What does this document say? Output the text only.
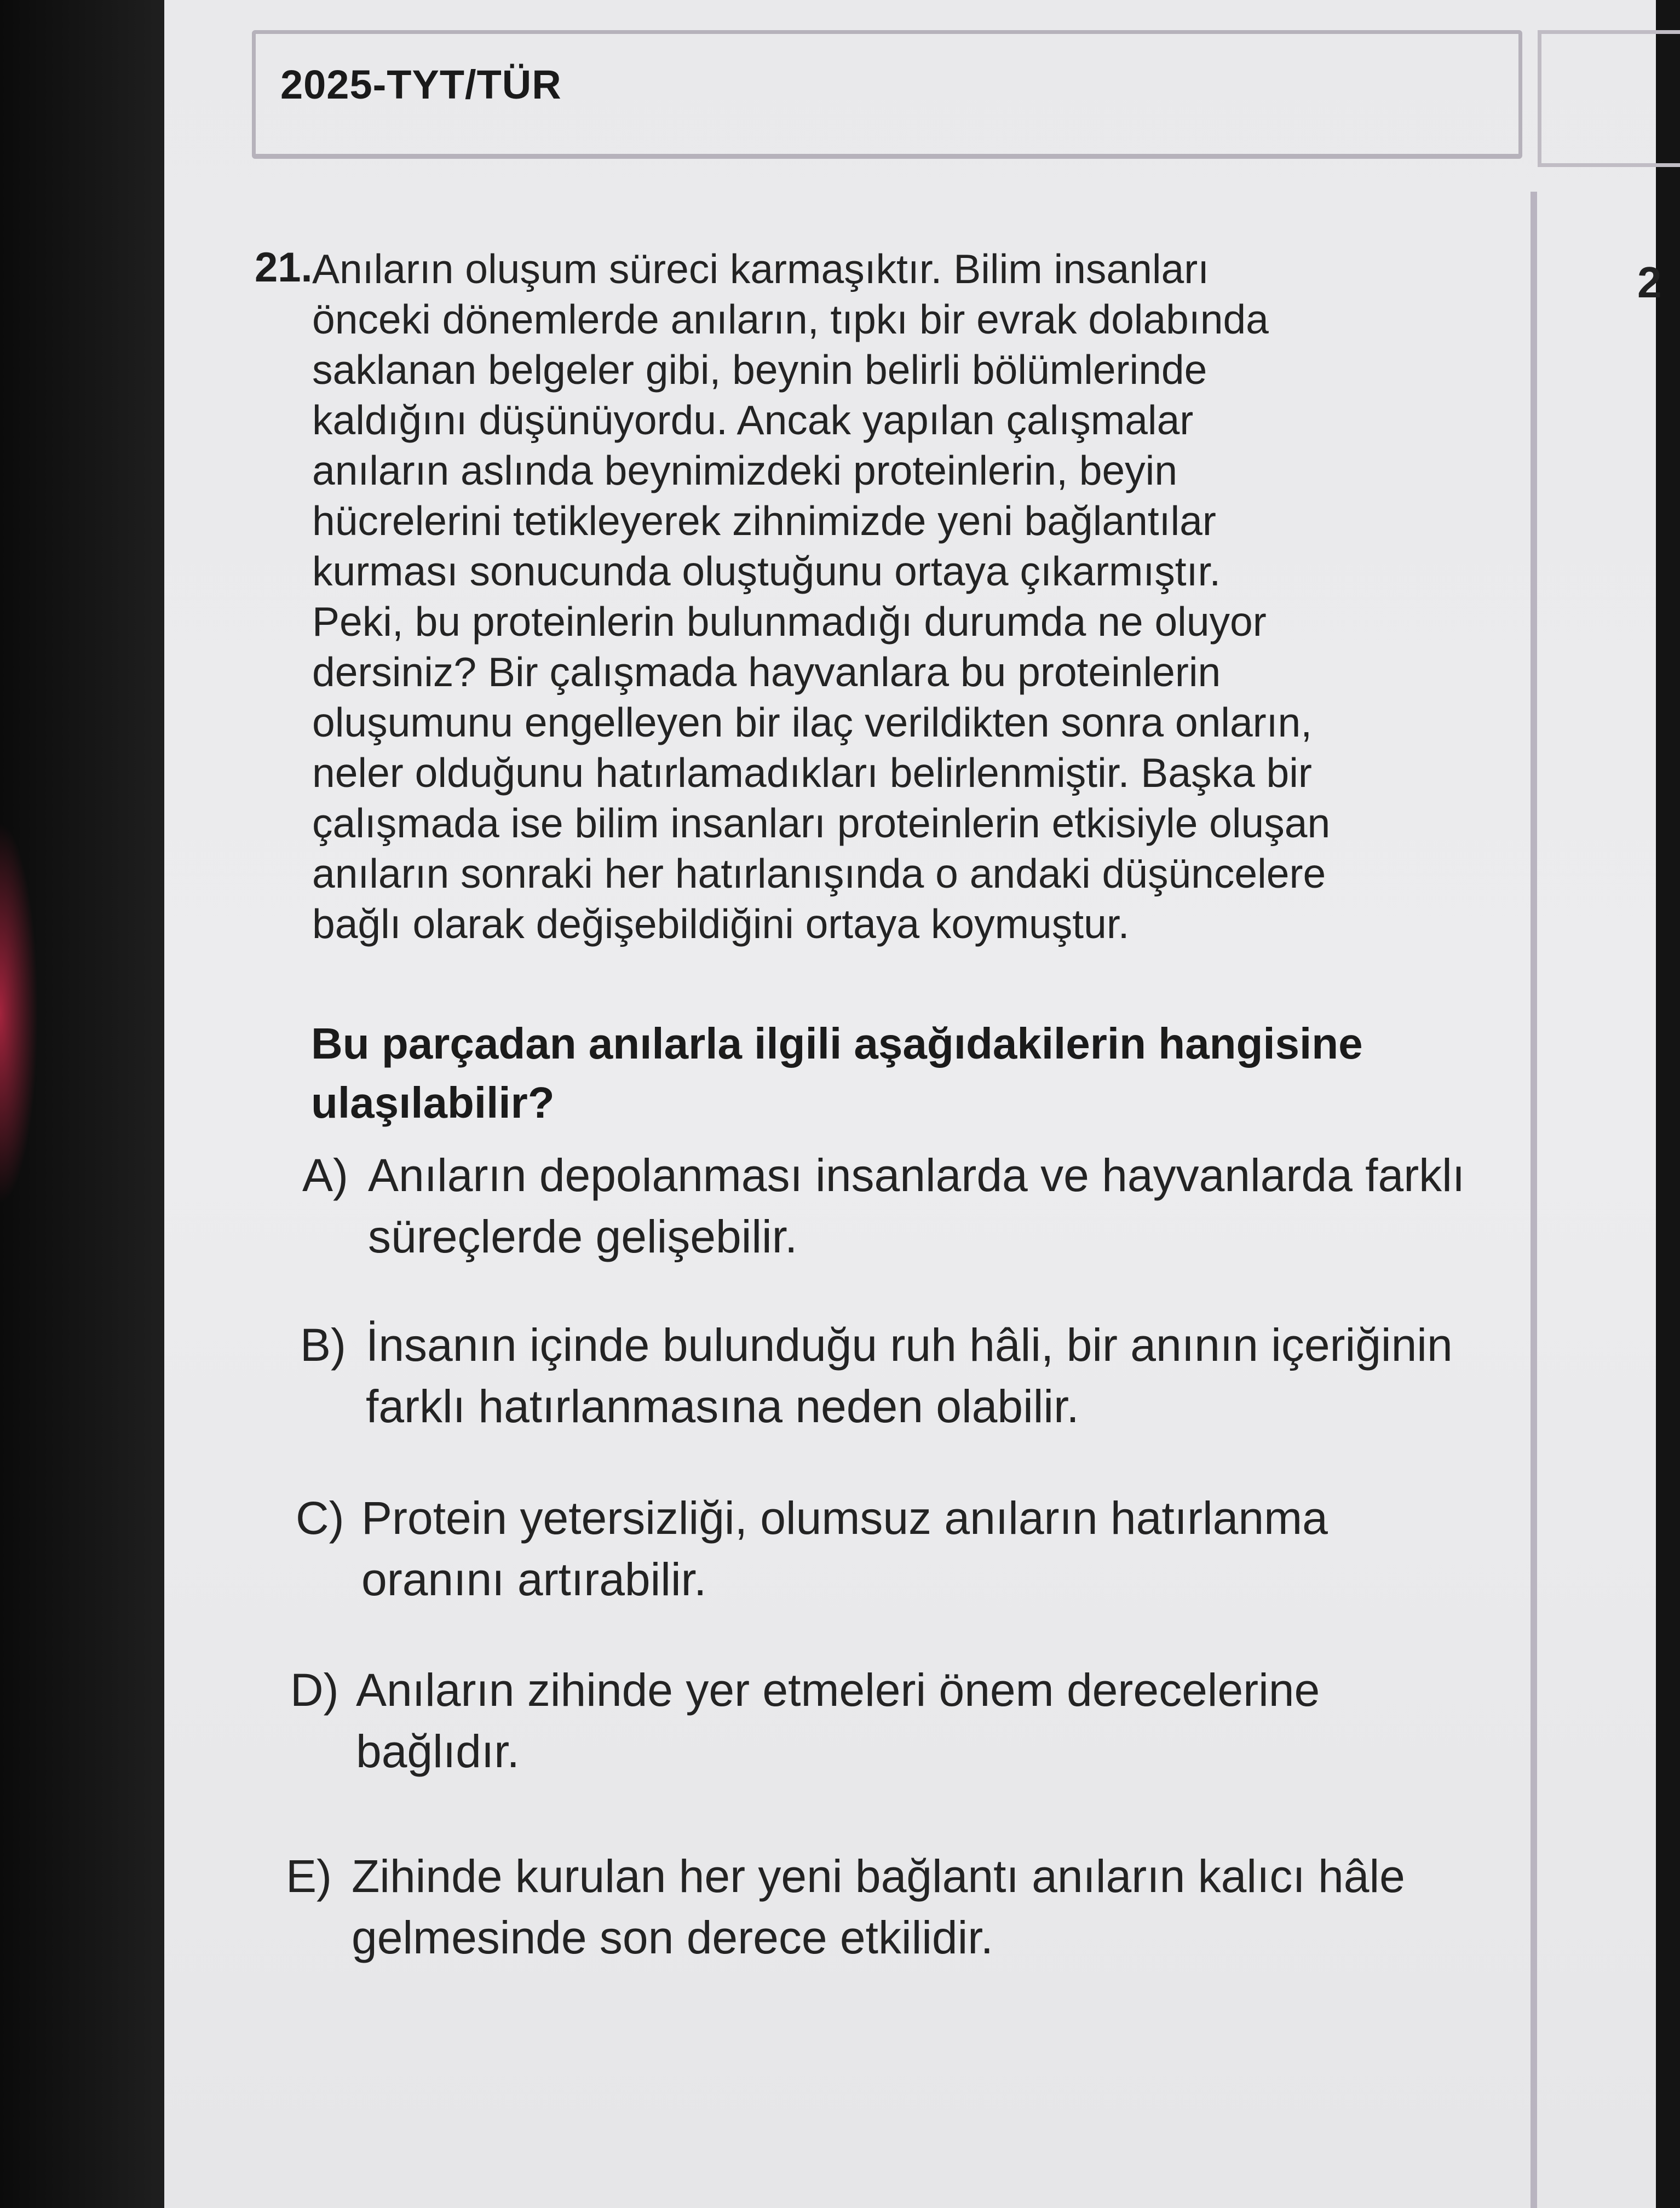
2025-TYT/TÜR
2
21. Anıların oluşum süreci karmaşıktır. Bilim insanları
önceki dönemlerde anıların, tıpkı bir evrak dolabında
saklanan belgeler gibi, beynin belirli bölümlerinde
kaldığını düşünüyordu. Ancak yapılan çalışmalar
anıların aslında beynimizdeki proteinlerin, beyin
hücrelerini tetikleyerek zihnimizde yeni bağlantılar
kurması sonucunda oluştuğunu ortaya çıkarmıştır.
Peki, bu proteinlerin bulunmadığı durumda ne oluyor
dersiniz? Bir çalışmada hayvanlara bu proteinlerin
oluşumunu engelleyen bir ilaç verildikten sonra onların,
neler olduğunu hatırlamadıkları belirlenmiştir. Başka bir
çalışmada ise bilim insanları proteinlerin etkisiyle oluşan
anıların sonraki her hatırlanışında o andaki düşüncelere
bağlı olarak değişebildiğini ortaya koymuştur.
Bu parçadan anılarla ilgili aşağıdakilerin hangisine
ulaşılabilir?
A) Anıların depolanması insanlarda ve hayvanlarda farklı
süreçlerde gelişebilir.
B) İnsanın içinde bulunduğu ruh hâli, bir anının içeriğinin
farklı hatırlanmasına neden olabilir.
C) Protein yetersizliği, olumsuz anıların hatırlanma
oranını artırabilir.
D) Anıların zihinde yer etmeleri önem derecelerine
bağlıdır.
E) Zihinde kurulan her yeni bağlantı anıların kalıcı hâle
gelmesinde son derece etkilidir.
